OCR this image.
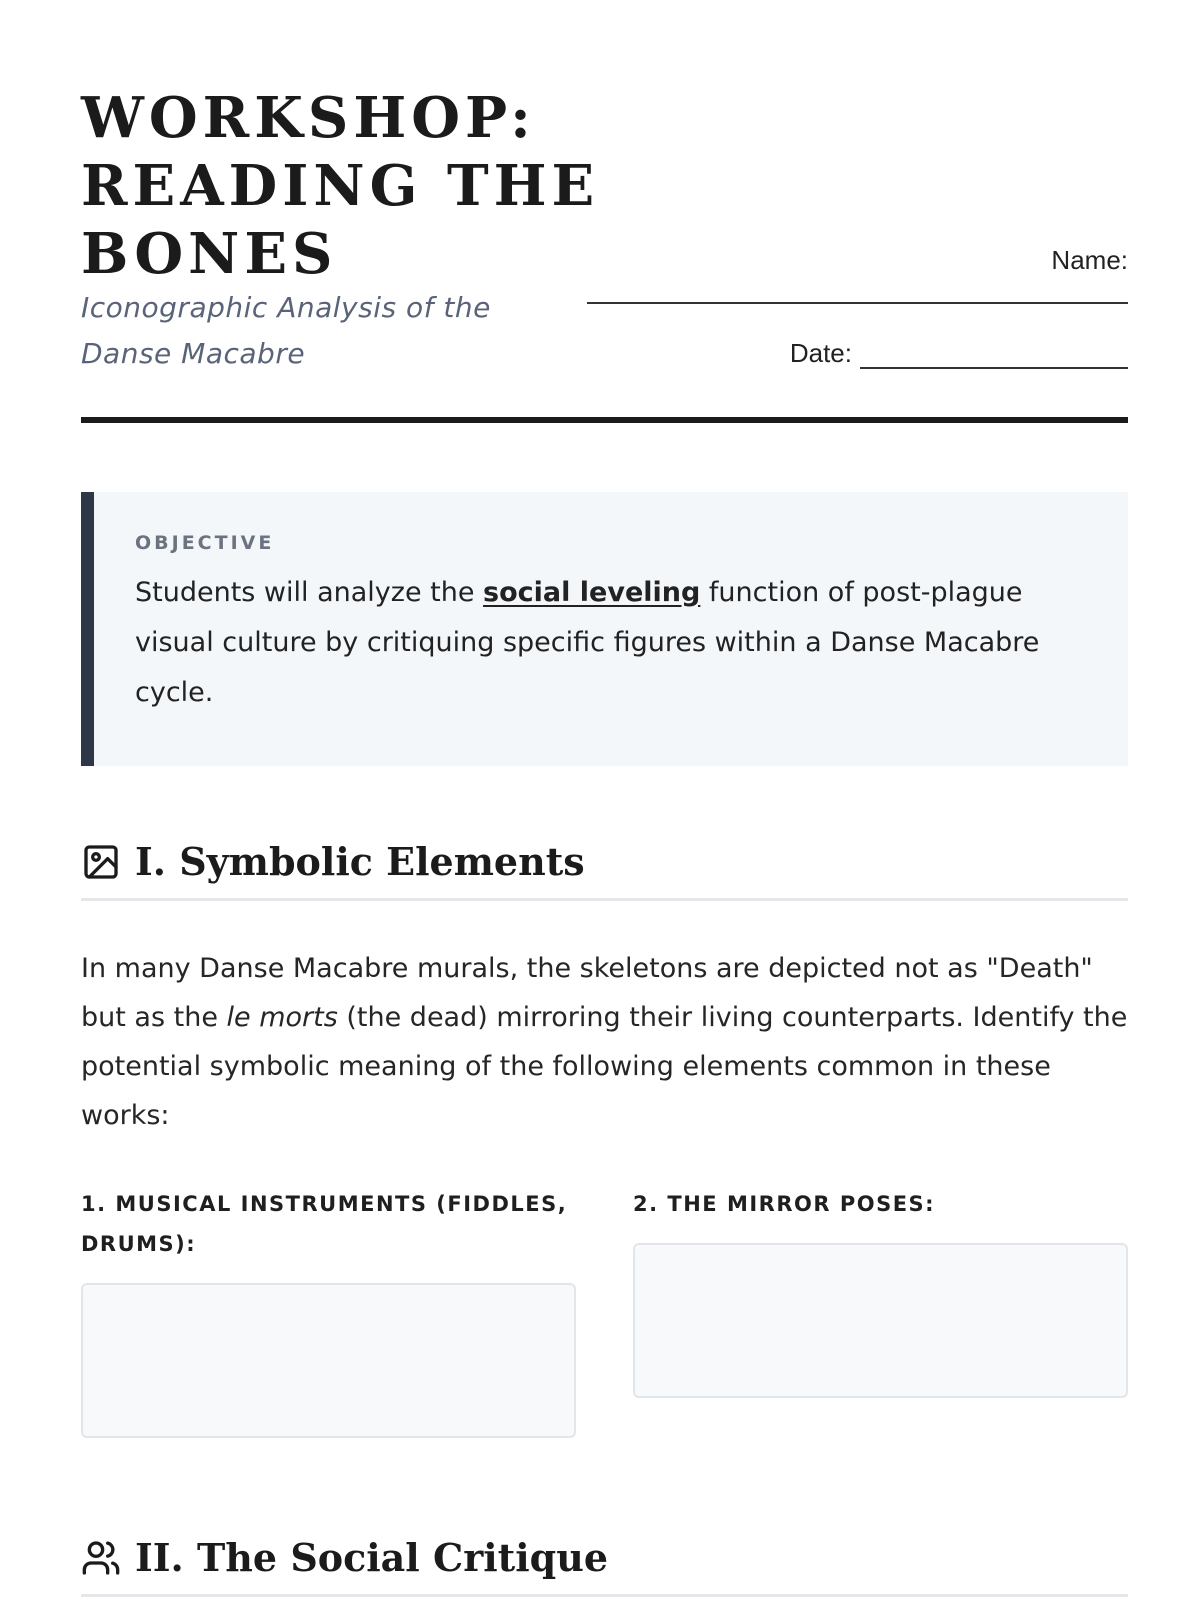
WORKSHOP:
READING THE
BONES
Iconographic Analysis of the Danse Macabre
Name:
Date:

OBJECTIVE

Students will analyze the social leveling function of post-plague visual culture by critiquing specific figures within a Danse Macabre cycle.

I. Symbolic Elements

In many Danse Macabre murals, the skeletons are depicted not as "Death" but as the le morts (the dead) mirroring their living counterparts. Identify the potential symbolic meaning of the following elements common in these works:

1. MUSICAL INSTRUMENTS (FIDDLES, DRUMS):

2. THE MIRROR POSES:

II. The Social Critique
